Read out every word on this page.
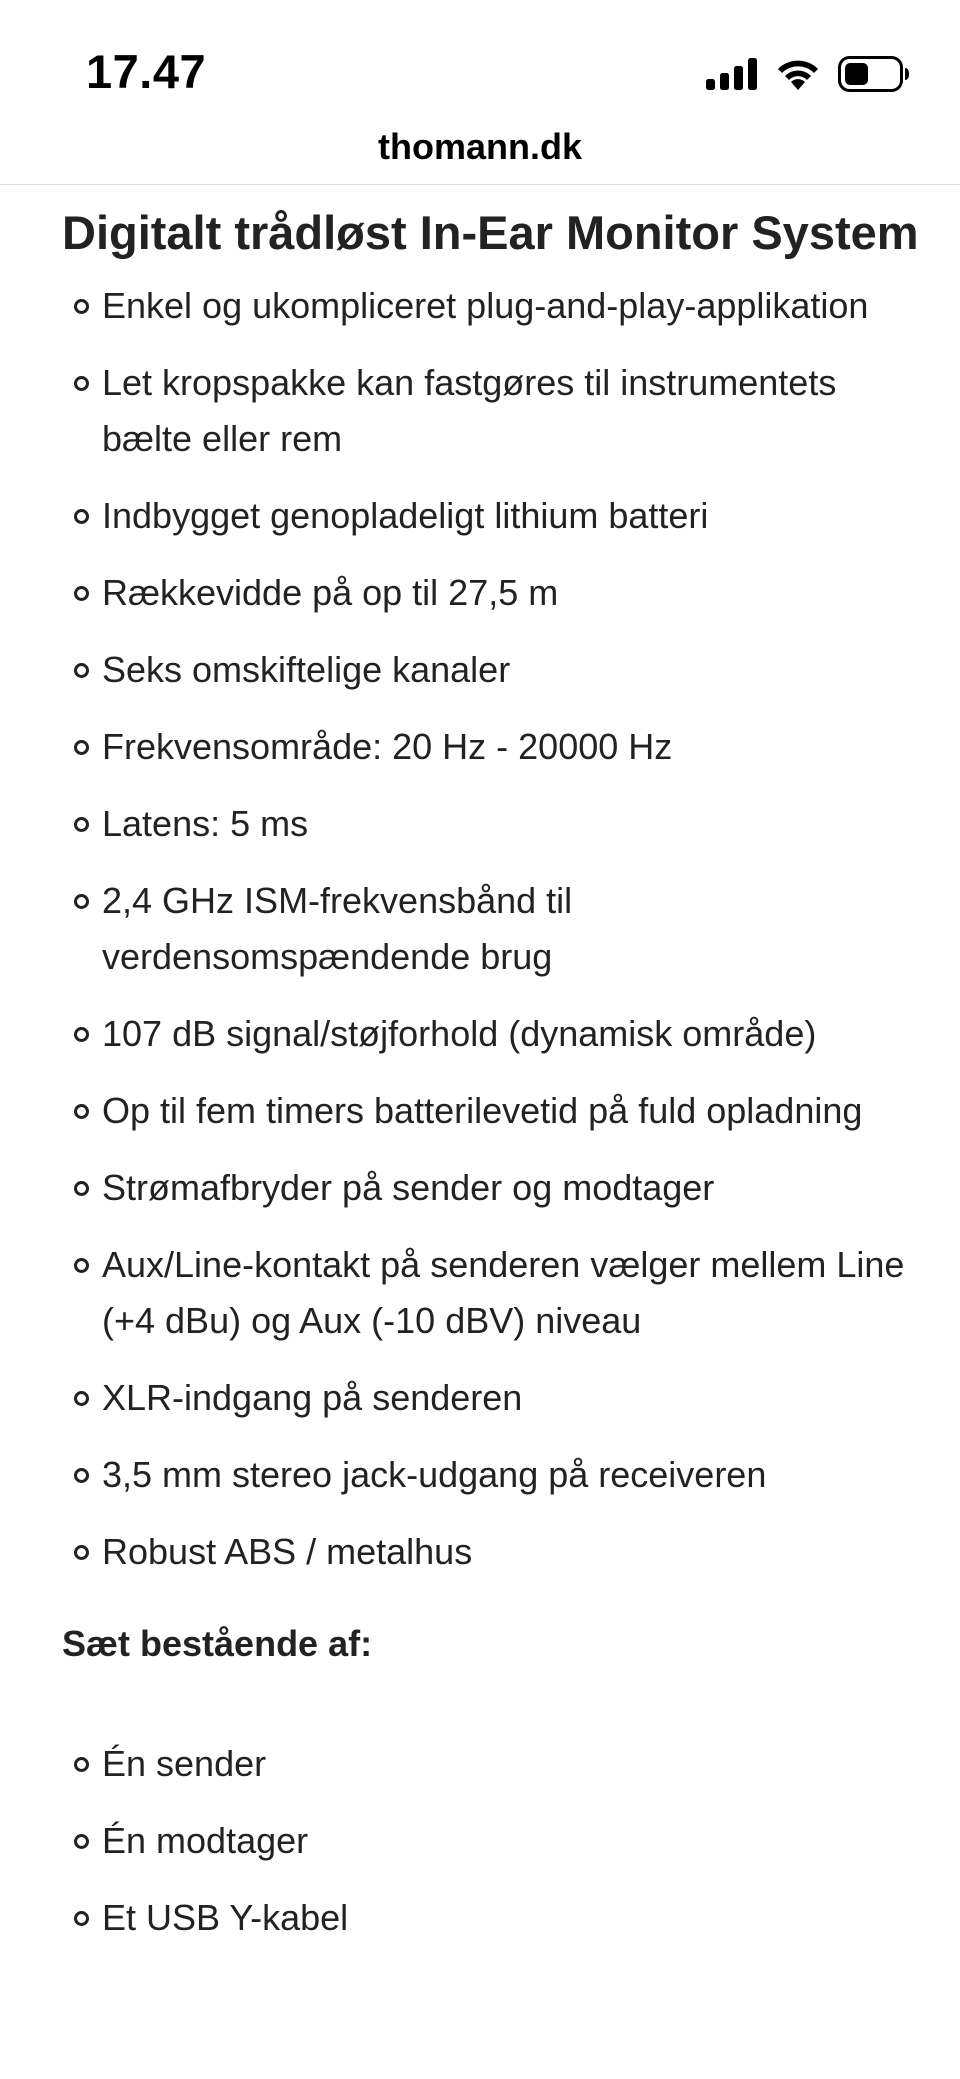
17.47
thomann.dk
Digitalt trådløst In-Ear Monitor System
Enkel og ukompliceret plug-and-play-applikation
Let kropspakke kan fastgøres til instrumentets bælte eller rem
Indbygget genopladeligt lithium batteri
Rækkevidde på op til 27,5 m
Seks omskiftelige kanaler
Frekvensområde: 20 Hz - 20000 Hz
Latens: 5 ms
2,4 GHz ISM-frekvensbånd til verdensomspændende brug
107 dB signal/støjforhold (dynamisk område)
Op til fem timers batterilevetid på fuld opladning
Strømafbryder på sender og modtager
Aux/Line-kontakt på senderen vælger mellem Line (+4 dBu) og Aux (-10 dBV) niveau
XLR-indgang på senderen
3,5 mm stereo jack-udgang på receiveren
Robust ABS / metalhus
Sæt bestående af:
Én sender
Én modtager
Et USB Y-kabel
